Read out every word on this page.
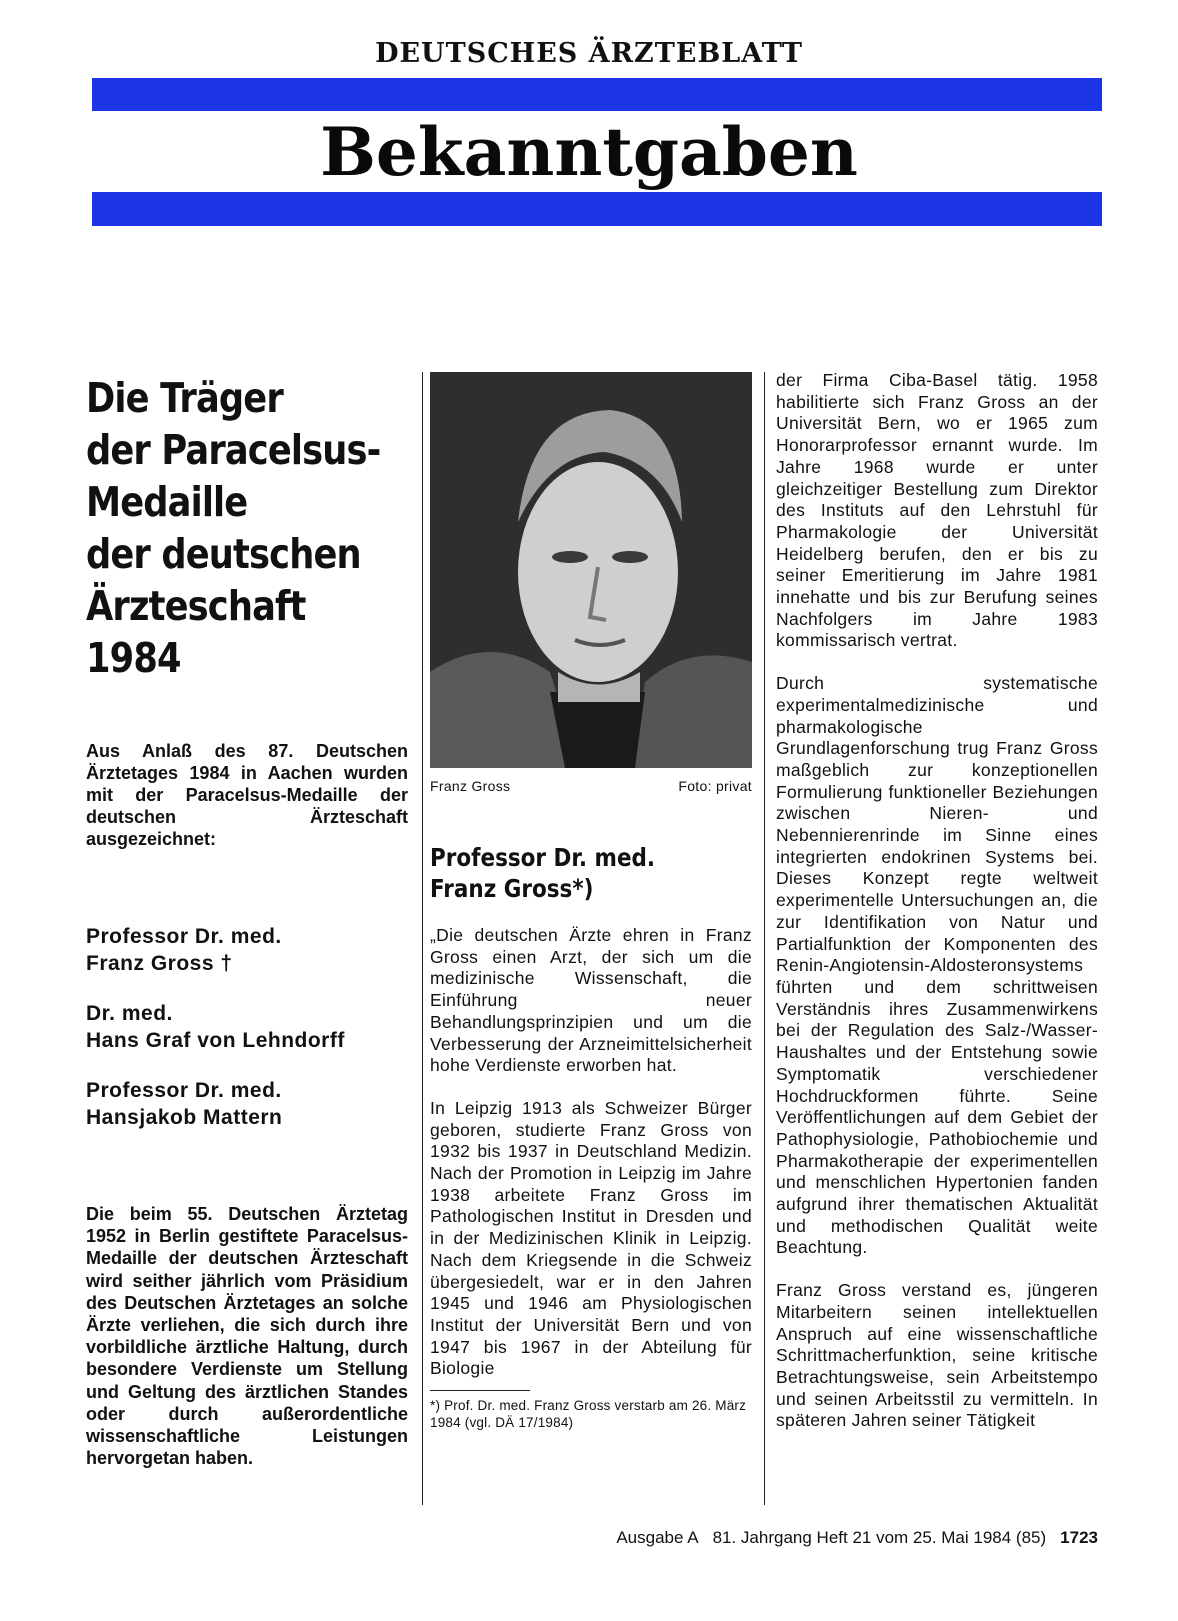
DEUTSCHES ÄRZTEBLATT
Bekanntgaben
Die Träger
der Paracelsus-
Medaille
der deutschen
Ärzteschaft
1984
Aus Anlaß des 87. Deutschen Ärztetages 1984 in Aachen wurden mit der Paracelsus-Medaille der deutschen Ärzteschaft ausgezeichnet:
Professor Dr. med.
Franz Gross †
Dr. med.
Hans Graf von Lehndorff
Professor Dr. med.
Hansjakob Mattern
Die beim 55. Deutschen Ärztetag 1952 in Berlin gestiftete Paracelsus-Medaille der deutschen Ärzteschaft wird seither jährlich vom Präsidium des Deutschen Ärztetages an solche Ärzte verliehen, die sich durch ihre vorbildliche ärztliche Haltung, durch besondere Verdienste um Stellung und Geltung des ärztlichen Standes oder durch außerordentliche wissenschaftliche Leistungen hervorgetan haben.
Franz Gross	Foto: privat
Professor Dr. med.
Franz Gross*)
„Die deutschen Ärzte ehren in Franz Gross einen Arzt, der sich um die medizinische Wissenschaft, die Einführung neuer Behandlungsprinzipien und um die Verbesserung der Arzneimittelsicherheit hohe Verdienste erworben hat.
In Leipzig 1913 als Schweizer Bürger geboren, studierte Franz Gross von 1932 bis 1937 in Deutschland Medizin. Nach der Promotion in Leipzig im Jahre 1938 arbeitete Franz Gross im Pathologischen Institut in Dresden und in der Medizinischen Klinik in Leipzig. Nach dem Kriegsende in die Schweiz übergesiedelt, war er in den Jahren 1945 und 1946 am Physiologischen Institut der Universität Bern und von 1947 bis 1967 in der Abteilung für Biologie
*) Prof. Dr. med. Franz Gross verstarb am 26. März 1984 (vgl. DÄ 17/1984)
der Firma Ciba-Basel tätig. 1958 habilitierte sich Franz Gross an der Universität Bern, wo er 1965 zum Honorarprofessor ernannt wurde. Im Jahre 1968 wurde er unter gleichzeitiger Bestellung zum Direktor des Instituts auf den Lehrstuhl für Pharmakologie der Universität Heidelberg berufen, den er bis zu seiner Emeritierung im Jahre 1981 innehatte und bis zur Berufung seines Nachfolgers im Jahre 1983 kommissarisch vertrat.
Durch systematische experimentalmedizinische und pharmakologische Grundlagenforschung trug Franz Gross maßgeblich zur konzeptionellen Formulierung funktioneller Beziehungen zwischen Nieren- und Nebennierenrinde im Sinne eines integrierten endokrinen Systems bei. Dieses Konzept regte weltweit experimentelle Untersuchungen an, die zur Identifikation von Natur und Partialfunktion der Komponenten des Renin-Angiotensin-Aldosteronsystems führten und dem schrittweisen Verständnis ihres Zusammenwirkens bei der Regulation des Salz-/Wasser-Haushaltes und der Entstehung sowie Symptomatik verschiedener Hochdruckformen führte. Seine Veröffentlichungen auf dem Gebiet der Pathophysiologie, Pathobiochemie und Pharmakotherapie der experimentellen und menschlichen Hypertonien fanden aufgrund ihrer thematischen Aktualität und methodischen Qualität weite Beachtung.
Franz Gross verstand es, jüngeren Mitarbeitern seinen intellektuellen Anspruch auf eine wissenschaftliche Schrittmacherfunktion, seine kritische Betrachtungsweise, sein Arbeitstempo und seinen Arbeitsstil zu vermitteln. In späteren Jahren seiner Tätigkeit
Ausgabe A 81. Jahrgang Heft 21 vom 25. Mai 1984 (85) 1723
